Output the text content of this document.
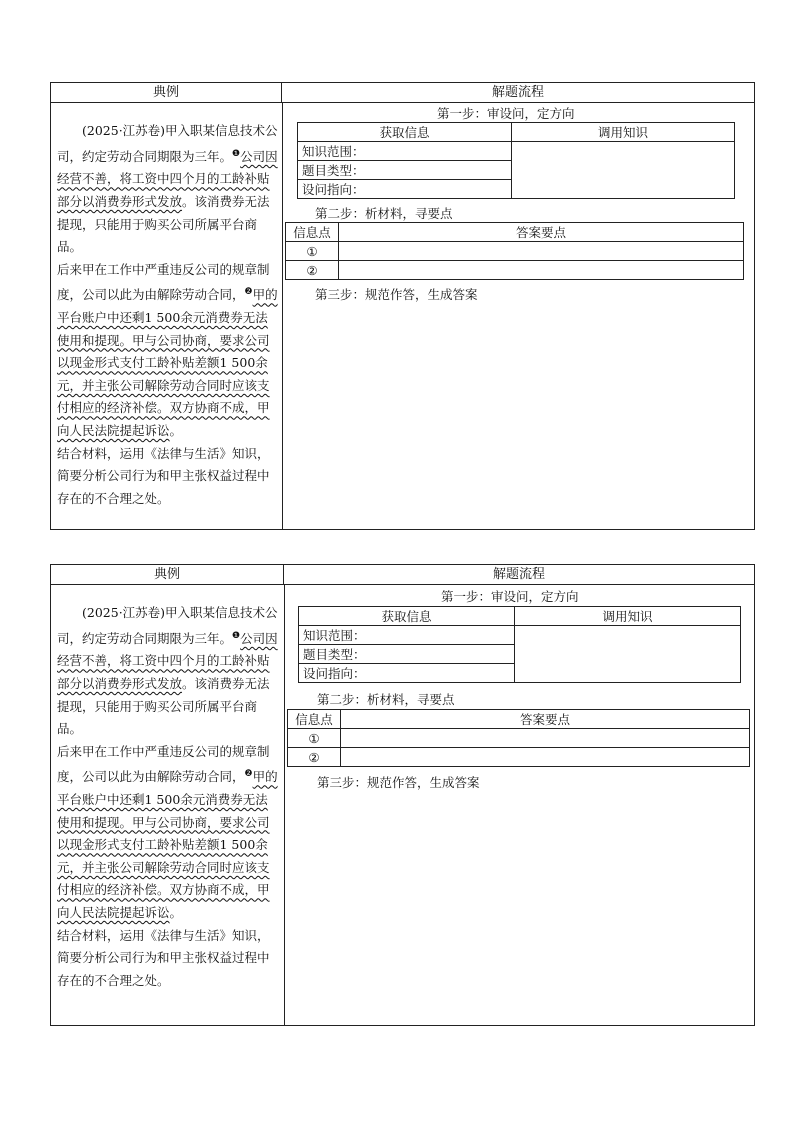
典例	解题流程

(2025·江苏卷)甲入职某信息技术公司，约定劳动合同期限为三年。$^❶$公司因经营不善，将工资中四个月的工龄补贴部分以消费券形式发放。该消费券无法提现，只能用于购买公司所属平台商品。

后来甲在工作中严重违反公司的规章制度，公司以此为由解除劳动合同，$^❷$甲的平台账户中还剩1 500余元消费券无法使用和提现。甲与公司协商，要求公司以现金形式支付工龄补贴差额1 500余元，并主张公司解除劳动合同时应该支付相应的经济补偿。双方协商不成，甲向人民法院提起诉讼。

结合材料，运用《法律与生活》知识，简要分析公司行为和甲主张权益过程中存在的不合理之处。

第一步：审设问，定方向
获取信息	调用知识
知识范围：	
题目类型：	
设问指向：	
第二步：析材料，寻要点
信息点	答案要点
①	
②	
第三步：规范作答，生成答案
典例	解题流程

(2025·江苏卷)甲入职某信息技术公司，约定劳动合同期限为三年。$^❶$公司因经营不善，将工资中四个月的工龄补贴部分以消费券形式发放。该消费券无法提现，只能用于购买公司所属平台商品。

后来甲在工作中严重违反公司的规章制度，公司以此为由解除劳动合同，$^❷$甲的平台账户中还剩1 500余元消费券无法使用和提现。甲与公司协商，要求公司以现金形式支付工龄补贴差额1 500余元，并主张公司解除劳动合同时应该支付相应的经济补偿。双方协商不成，甲向人民法院提起诉讼。

结合材料，运用《法律与生活》知识，简要分析公司行为和甲主张权益过程中存在的不合理之处。

第一步：审设问，定方向
获取信息	调用知识
知识范围：	
题目类型：	
设问指向：	
第二步：析材料，寻要点
信息点	答案要点
①	
②	
第三步：规范作答，生成答案
